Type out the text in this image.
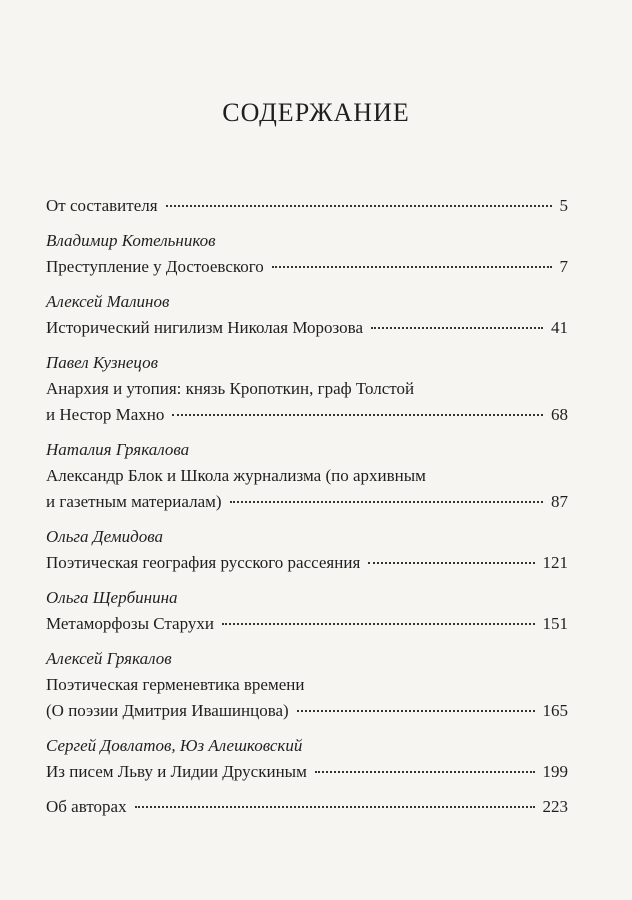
СОДЕРЖАНИЕ
От составителя	5
Владимир Котельников
Преступление у Достоевского	7
Алексей Малинов
Исторический нигилизм Николая Морозова	41
Павел Кузнецов
Анархия и утопия: князь Кропоткин, граф Толстой
и Нестор Махно	68
Наталия Грякалова
Александр Блок и Школа журнализма (по архивным
и газетным материалам)	87
Ольга Демидова
Поэтическая география русского рассеяния	121
Ольга Щербинина
Метаморфозы Старухи	151
Алексей Грякалов
Поэтическая герменевтика времени
(О поэзии Дмитрия Ивашинцова)	165
Сергей Довлатов, Юз Алешковский
Из писем Льву и Лидии Друскиным	199
Об авторах	223
